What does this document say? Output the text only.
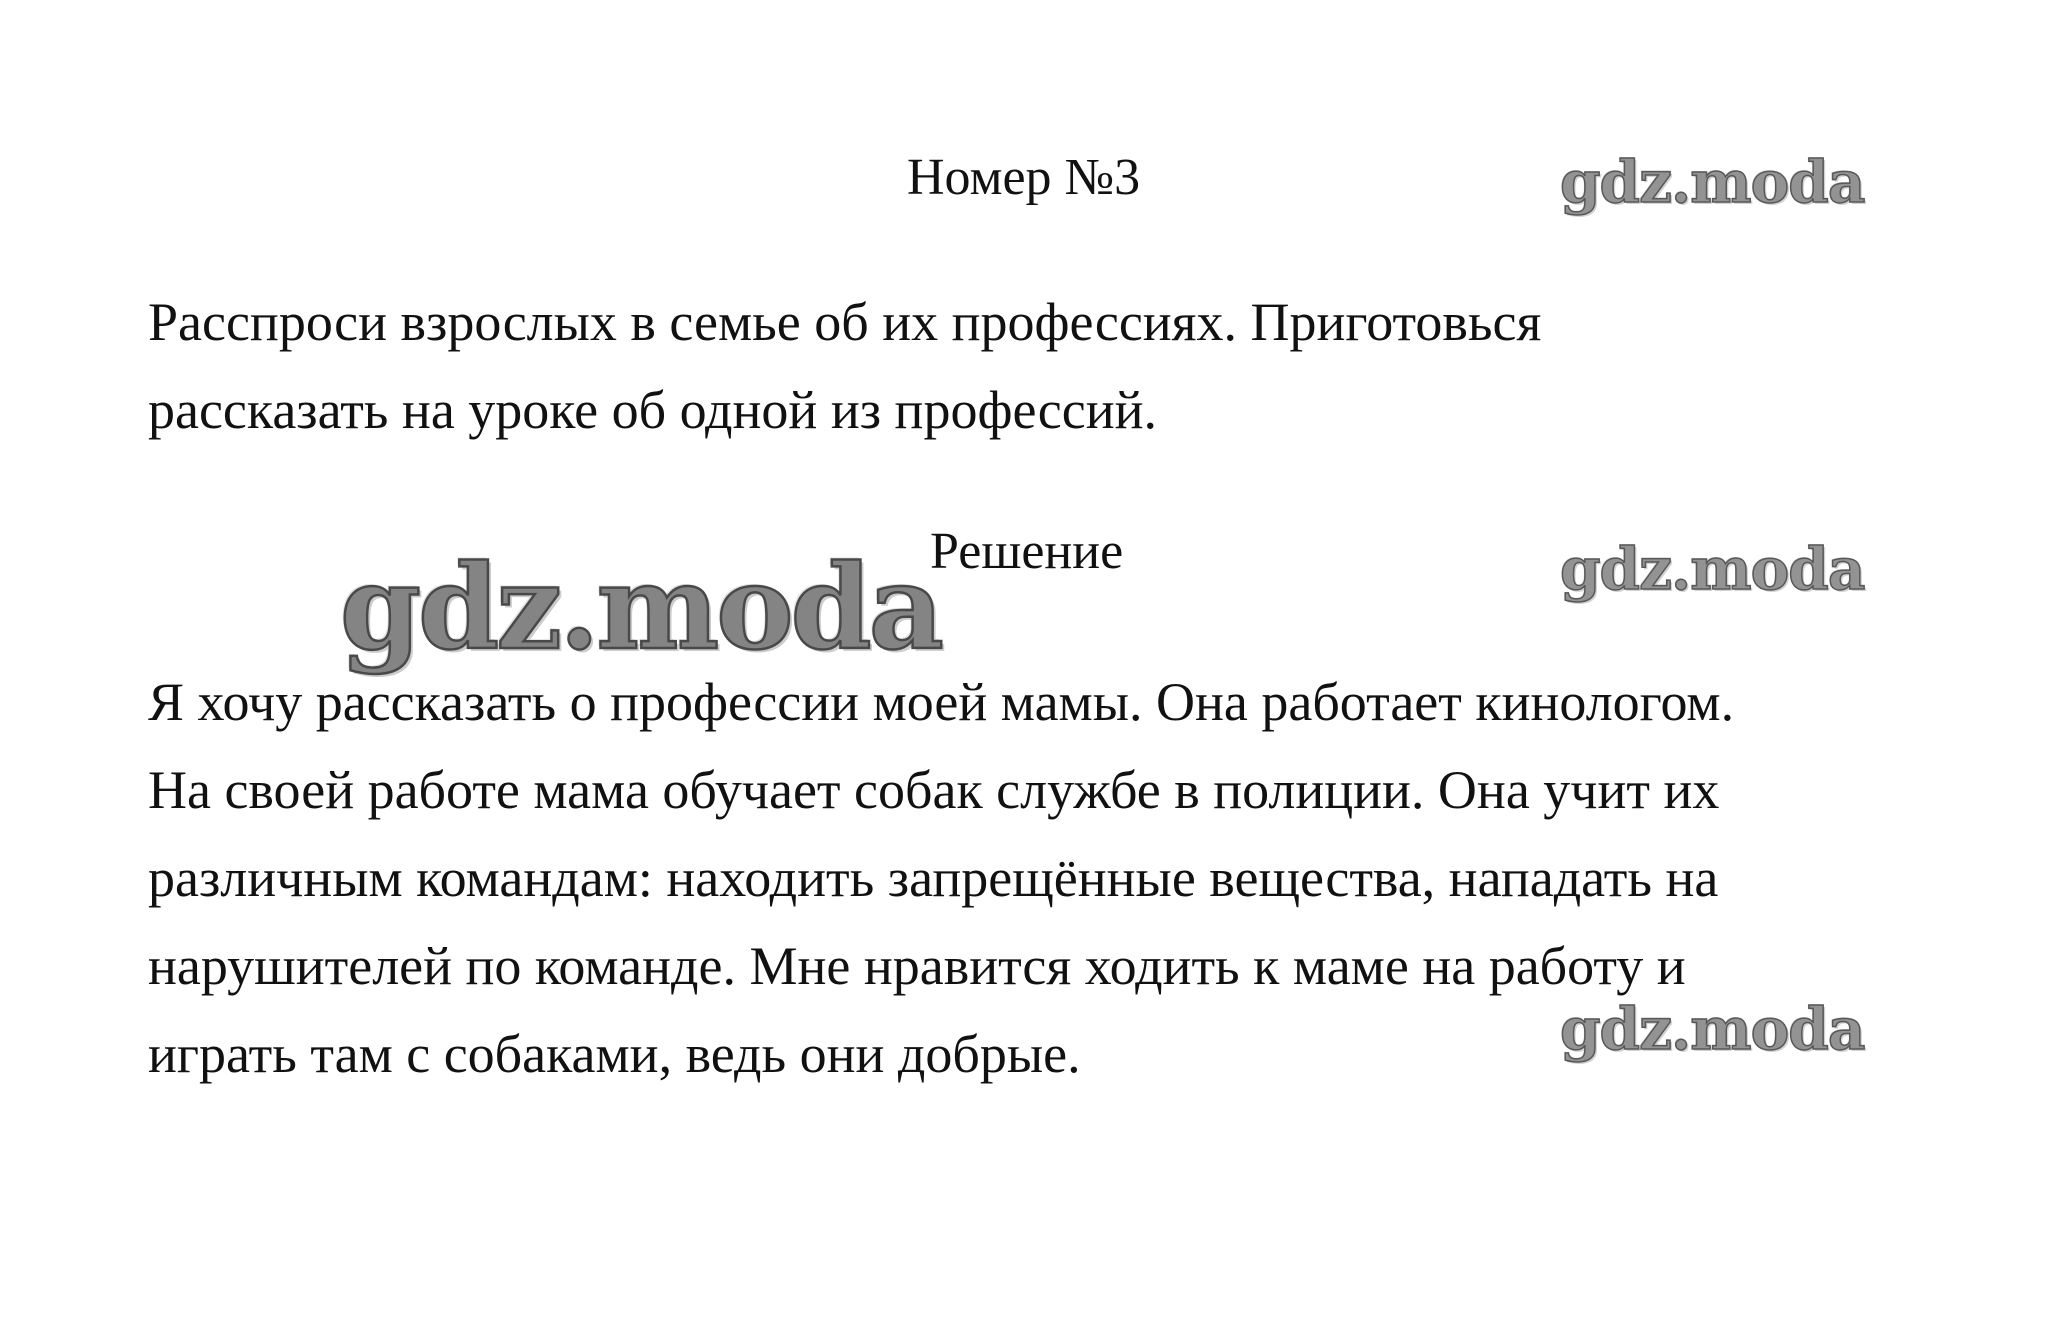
Номер №3

Расспроси взрослых в семье об их профессиях. Приготовься
рассказать на уроке об одной из профессий.

Решение

Я хочу рассказать о профессии моей мамы. Она работает кинологом.
На своей работе мама обучает собак службе в полиции. Она учит их
различным командам: находить запрещённые вещества, нападать на
нарушителей по команде. Мне нравится ходить к маме на работу и
играть там с собаками, ведь они добрые.

gdz.moda
gdz.moda
gdz.moda
gdz.moda
